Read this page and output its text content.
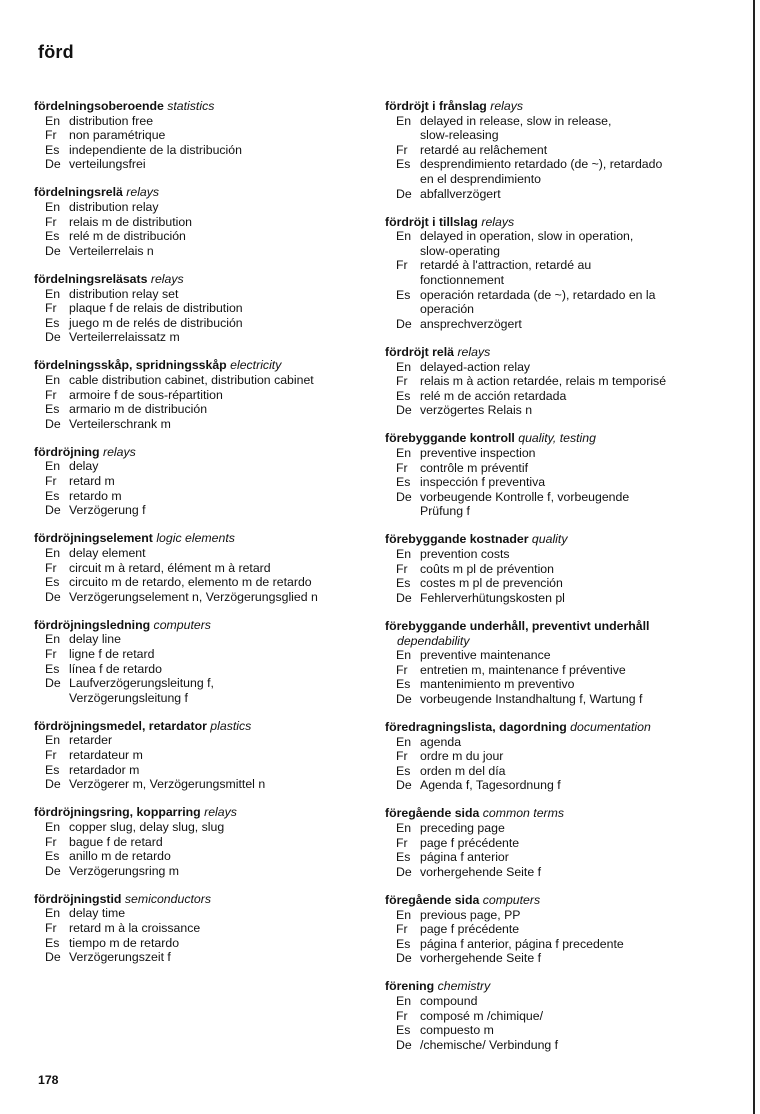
förd
fördelningsoberoende statistics
En distribution free
Fr	non paramétrique
Es independiente de la distribución
De verteilungsfrei
fördelningsrelä relays
En distribution relay
Fr	relais m de distribution
Es relé m de distribución
De Verteilerrelais n
fördelningsreläsats relays
En distribution relay set
Fr	plaque f de relais de distribution
Es juego m de relés de distribución
De Verteilerrelaissatz m
fördelningsskåp, spridningsskåp electricity
En cable distribution cabinet, distribution cabinet
Fr	armoire f de sous-répartition
Es armario m de distribución
De Verteilerschrank m
fördröjning relays
En delay
Fr	retard m
Es retardo m
De Verzögerung f
fördröjningselement logic elements
En delay element
Fr	circuit m à retard, élément m à retard
Es circuito m de retardo, elemento m de retardo
De Verzögerungselement n, Verzögerungsglied n
fördröjningsledning computers
En delay line
Fr	ligne f de retard
Es línea f de retardo
De Laufverzögerungsleitung f,
Verzögerungsleitung f
fördröjningsmedel, retardator plastics
En retarder
Fr	retardateur m
Es retardador m
De Verzögerer m, Verzögerungsmittel n
fördröjningsring, kopparring relays
En copper slug, delay slug, slug
Fr	bague f de retard
Es anillo m de retardo
De Verzögerungsring m
fördröjningstid semiconductors
En delay time
Fr	retard m à la croissance
Es tiempo m de retardo
De Verzögerungszeit f
fördröjt i frånslag relays
En delayed in release, slow in release,
slow-releasing
Fr	retardé au relâchement
Es desprendimiento retardado (de ~), retardado
en el desprendimiento
De abfallverzögert
fördröjt i tillslag relays
En delayed in operation, slow in operation,
slow-operating
Fr	retardé à l'attraction, retardé au
fonctionnement
Es operación retardada (de ~), retardado en la
operación
De ansprechverzögert
fördröjt relä relays
En delayed-action relay
Fr	relais m à action retardée, relais m temporisé
Es relé m de acción retardada
De verzögertes Relais n
förebyggande kontroll quality, testing
En preventive inspection
Fr	contrôle m préventif
Es inspección f preventiva
De vorbeugende Kontrolle f, vorbeugende
Prüfung f
förebyggande kostnader quality
En prevention costs
Fr	coûts m pl de prévention
Es costes m pl de prevención
De Fehlerverhütungskosten pl
förebyggande underhåll, preventivt underhåll
dependability
En preventive maintenance
Fr	entretien m, maintenance f préventive
Es mantenimiento m preventivo
De vorbeugende Instandhaltung f, Wartung f
föredragningslista, dagordning documentation
En agenda
Fr	ordre m du jour
Es orden m del día
De Agenda f, Tagesordnung f
föregående sida common terms
En preceding page
Fr	page f précédente
Es página f anterior
De vorhergehende Seite f
föregående sida computers
En previous page, PP
Fr	page f précédente
Es página f anterior, página f precedente
De vorhergehende Seite f
förening chemistry
En compound
Fr	composé m /chimique/
Es compuesto m
De /chemische/ Verbindung f
178
